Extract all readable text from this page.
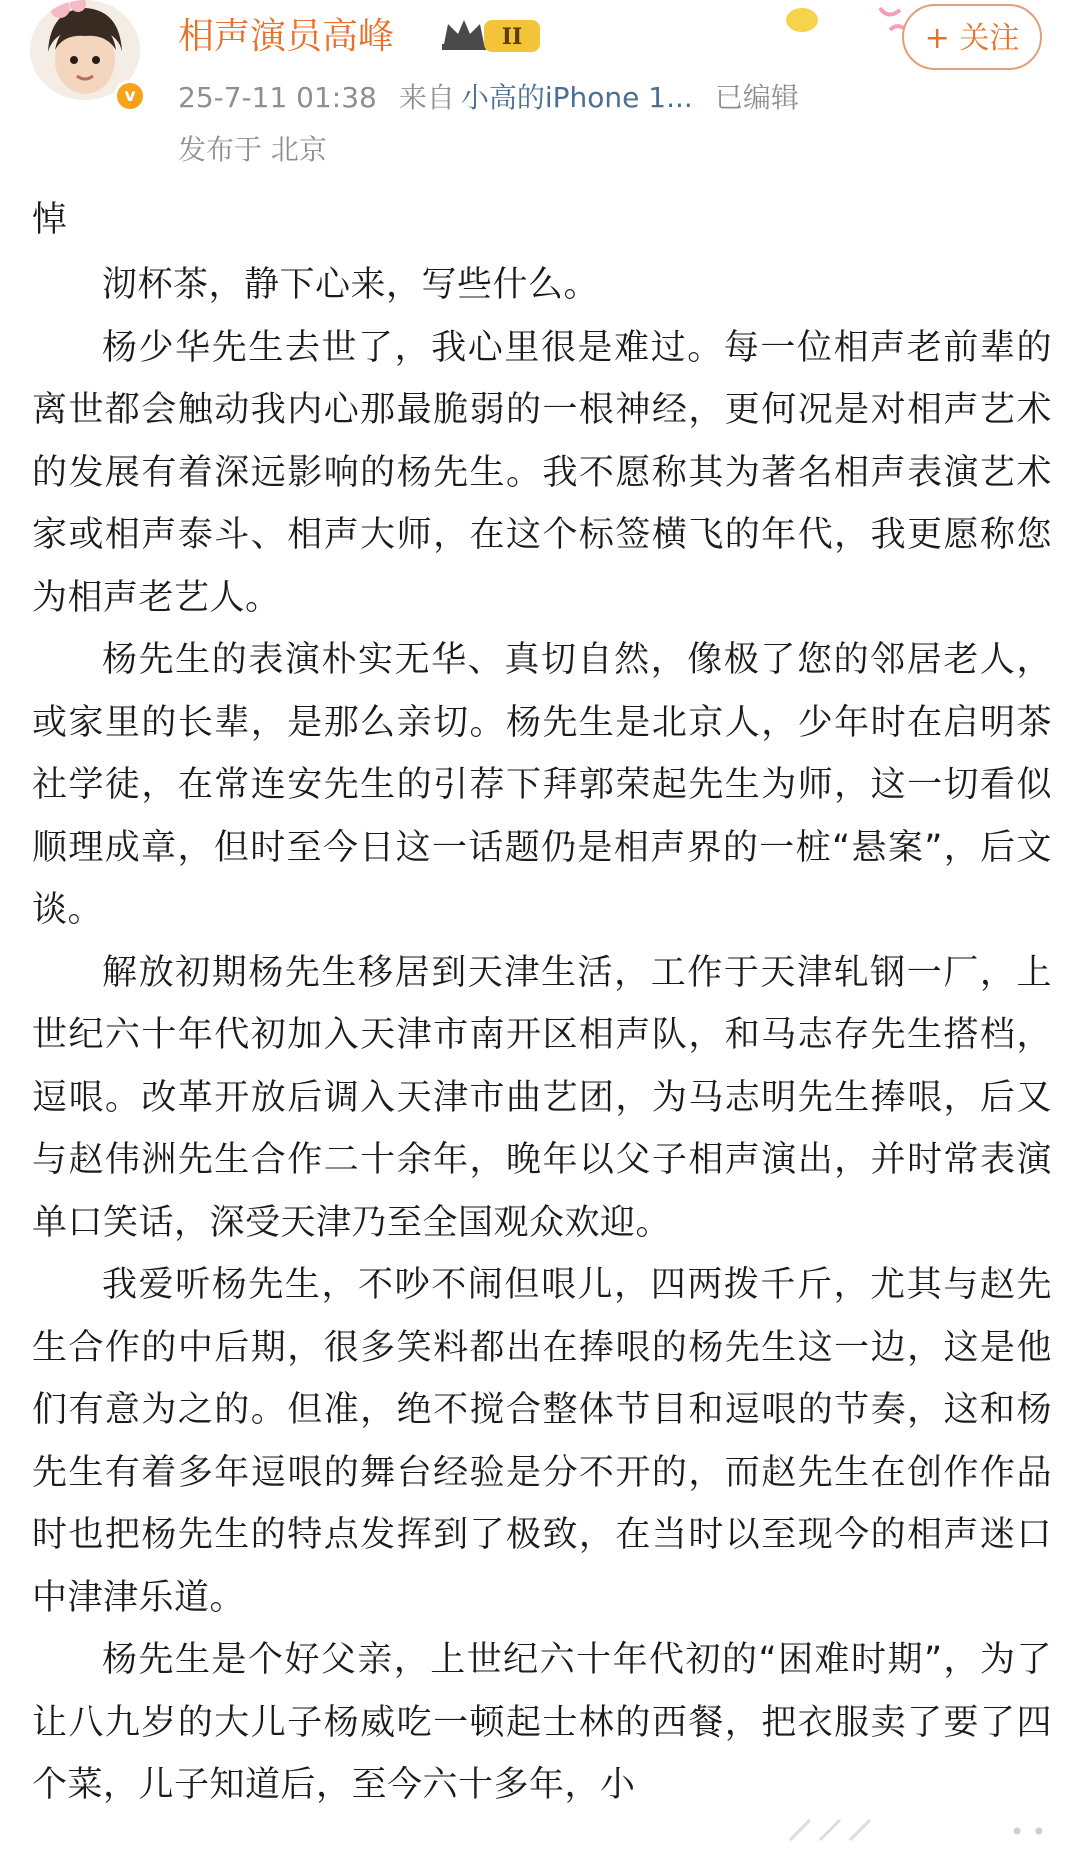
v
相声演员高峰	II
25-7-11 01:38 来自 小高的iPhone 1... 已编辑
发布于 北京
+ 关注
悼

沏杯茶，静下心来，写些什么。

杨少华先生去世了，我心里很是难过。每一位相声老前辈的离世都会触动我内心那最脆弱的一根神经，更何况是对相声艺术的发展有着深远影响的杨先生。我不愿称其为著名相声表演艺术家或相声泰斗、相声大师，在这个标签横飞的年代，我更愿称您为相声老艺人。

杨先生的表演朴实无华、真切自然，像极了您的邻居老人，或家里的长辈，是那么亲切。杨先生是北京人，少年时在启明茶社学徒，在常连安先生的引荐下拜郭荣起先生为师，这一切看似顺理成章，但时至今日这一话题仍是相声界的一桩“悬案”，后文谈。

解放初期杨先生移居到天津生活，工作于天津轧钢一厂，上世纪六十年代初加入天津市南开区相声队，和马志存先生搭档，逗哏。改革开放后调入天津市曲艺团，为马志明先生捧哏，后又与赵伟洲先生合作二十余年，晚年以父子相声演出，并时常表演单口笑话，深受天津乃至全国观众欢迎。

我爱听杨先生，不吵不闹但哏儿，四两拨千斤，尤其与赵先生合作的中后期，很多笑料都出在捧哏的杨先生这一边，这是他们有意为之的。但准，绝不搅合整体节目和逗哏的节奏，这和杨先生有着多年逗哏的舞台经验是分不开的，而赵先生在创作作品时也把杨先生的特点发挥到了极致，在当时以至现今的相声迷口中津津乐道。

杨先生是个好父亲，上世纪六十年代初的“困难时期”，为了让八九岁的大儿子杨威吃一顿起士林的西餐，把衣服卖了要了四个菜，儿子知道后，至今六十多年，小

• •
